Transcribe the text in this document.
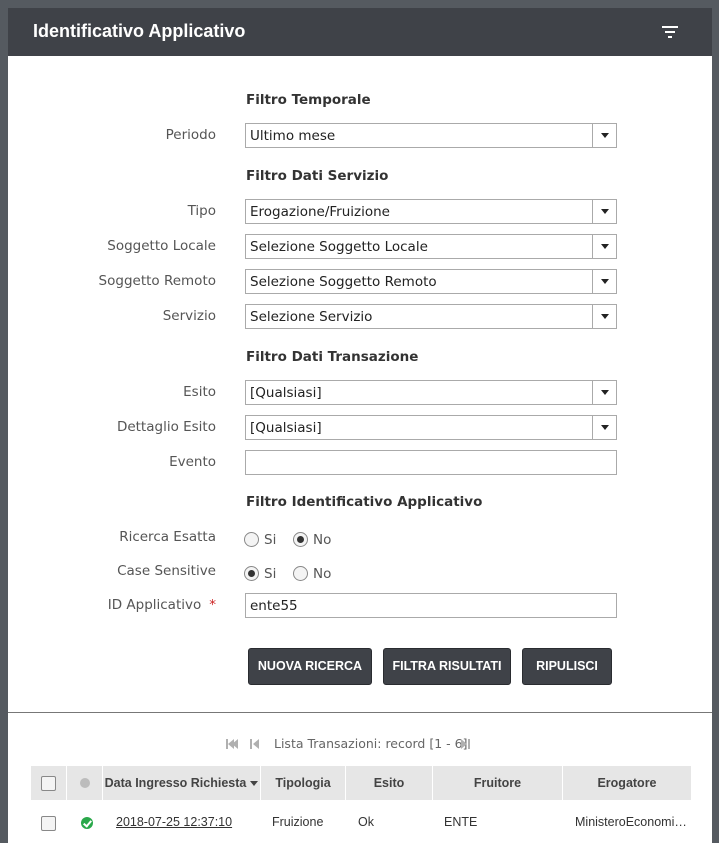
Identificativo Applicativo
Filtro Temporale
Periodo	Ultimo mese
Filtro Dati Servizio
Tipo	Erogazione/Fruizione
Soggetto Locale	Selezione Soggetto Locale
Soggetto Remoto	Selezione Soggetto Remoto
Servizio	Selezione Servizio
Filtro Dati Transazione
Esito	[Qualsiasi]
Dettaglio Esito	[Qualsiasi]
Evento
Filtro Identificativo Applicativo
Ricerca Esatta	Si	No
Case Sensitive	Si	No
ID Applicativo *	ente55
NUOVA RICERCA	FILTRA RISULTATI	RIPULISCI
Lista Transazioni: record [1 - 6]
Data Ingresso Richiesta	Tipologia	Esito	Fruitore	Erogatore
2018-07-25 12:37:10	Fruizione	Ok	ENTE	MinisteroEconomi…
